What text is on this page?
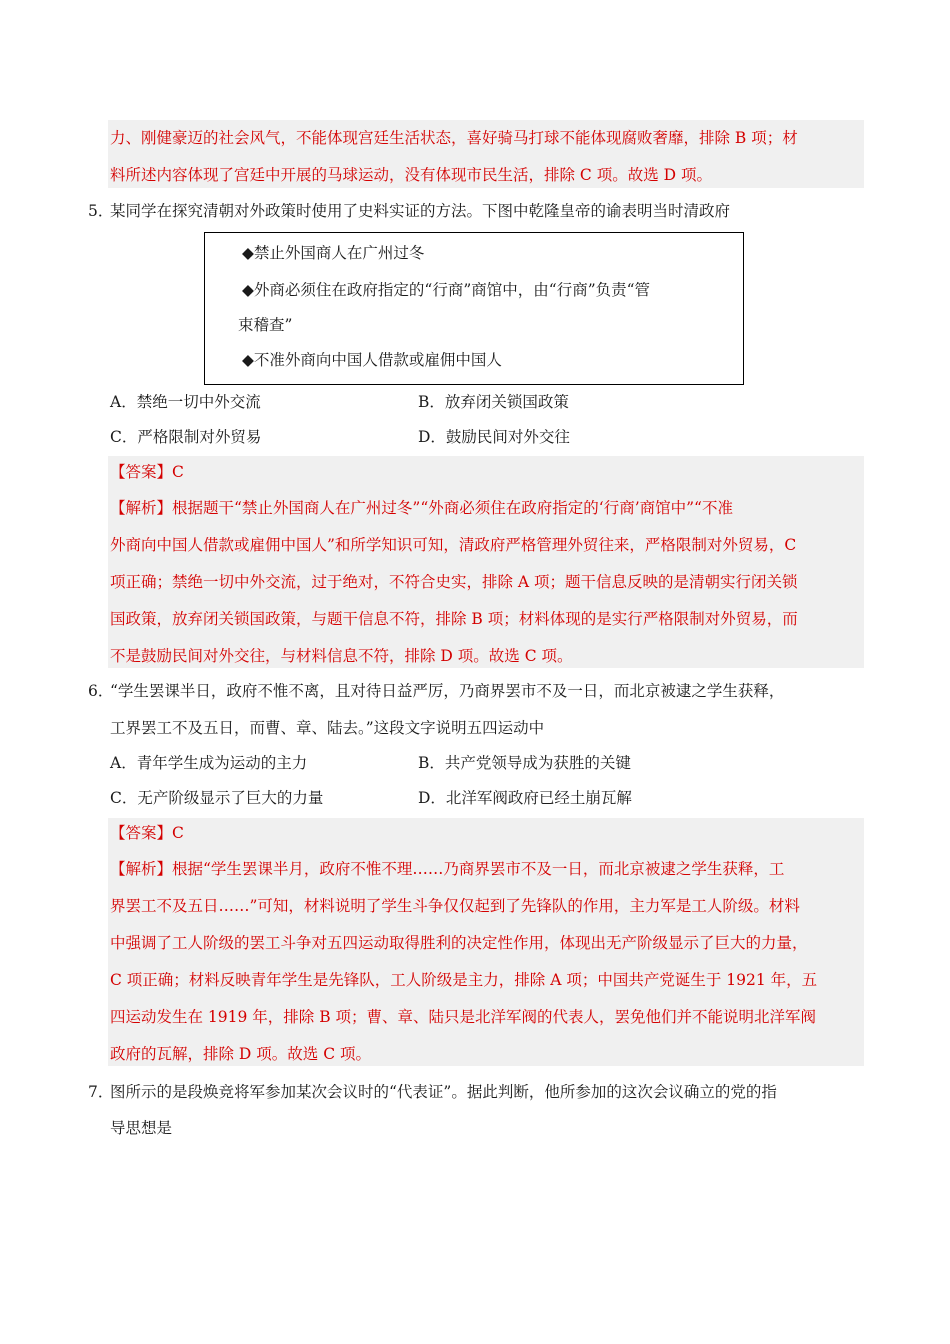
力、刚健豪迈的社会风气，不能体现宫廷生活状态，喜好骑马打球不能体现腐败奢靡，排除 B 项；材
料所述内容体现了宫廷中开展的马球运动，没有体现市民生活，排除 C 项。故选 D 项。
5．
某同学在探究清朝对外政策时使用了史料实证的方法。下图中乾隆皇帝的谕表明当时清政府
◆禁止外国商人在广州过冬
◆外商必须住在政府指定的“行商”商馆中，由“行商”负责“管
束稽查”
◆不准外商向中国人借款或雇佣中国人
A．禁绝一切中外交流	B．放弃闭关锁国政策
C．严格限制对外贸易	D．鼓励民间对外交往
【答案】C
【解析】根据题干“禁止外国商人在广州过冬”“外商必须住在政府指定的‘行商’商馆中”“不准
外商向中国人借款或雇佣中国人”和所学知识可知，清政府严格管理外贸往来，严格限制对外贸易，C
项正确；禁绝一切中外交流，过于绝对，不符合史实，排除 A 项；题干信息反映的是清朝实行闭关锁
国政策，放弃闭关锁国政策，与题干信息不符，排除 B 项；材料体现的是实行严格限制对外贸易，而
不是鼓励民间对外交往，与材料信息不符，排除 D 项。故选 C 项。
6．
“学生罢课半日，政府不惟不离，且对待日益严厉，乃商界罢市不及一日，而北京被逮之学生获释，
工界罢工不及五日，而曹、章、陆去。”这段文字说明五四运动中
A．青年学生成为运动的主力	B．共产党领导成为获胜的关键
C．无产阶级显示了巨大的力量	D．北洋军阀政府已经土崩瓦解
【答案】C
【解析】根据“学生罢课半月，政府不惟不理……乃商界罢市不及一日，而北京被逮之学生获释，工
界罢工不及五日……”可知，材料说明了学生斗争仅仅起到了先锋队的作用，主力军是工人阶级。材料
中强调了工人阶级的罢工斗争对五四运动取得胜利的决定性作用，体现出无产阶级显示了巨大的力量，
C 项正确；材料反映青年学生是先锋队，工人阶级是主力，排除 A 项；中国共产党诞生于 1921 年，五
四运动发生在 1919 年，排除 B 项；曹、章、陆只是北洋军阀的代表人，罢免他们并不能说明北洋军阀
政府的瓦解，排除 D 项。故选 C 项。
7．
图所示的是段焕竞将军参加某次会议时的“代表证”。据此判断，他所参加的这次会议确立的党的指
导思想是
